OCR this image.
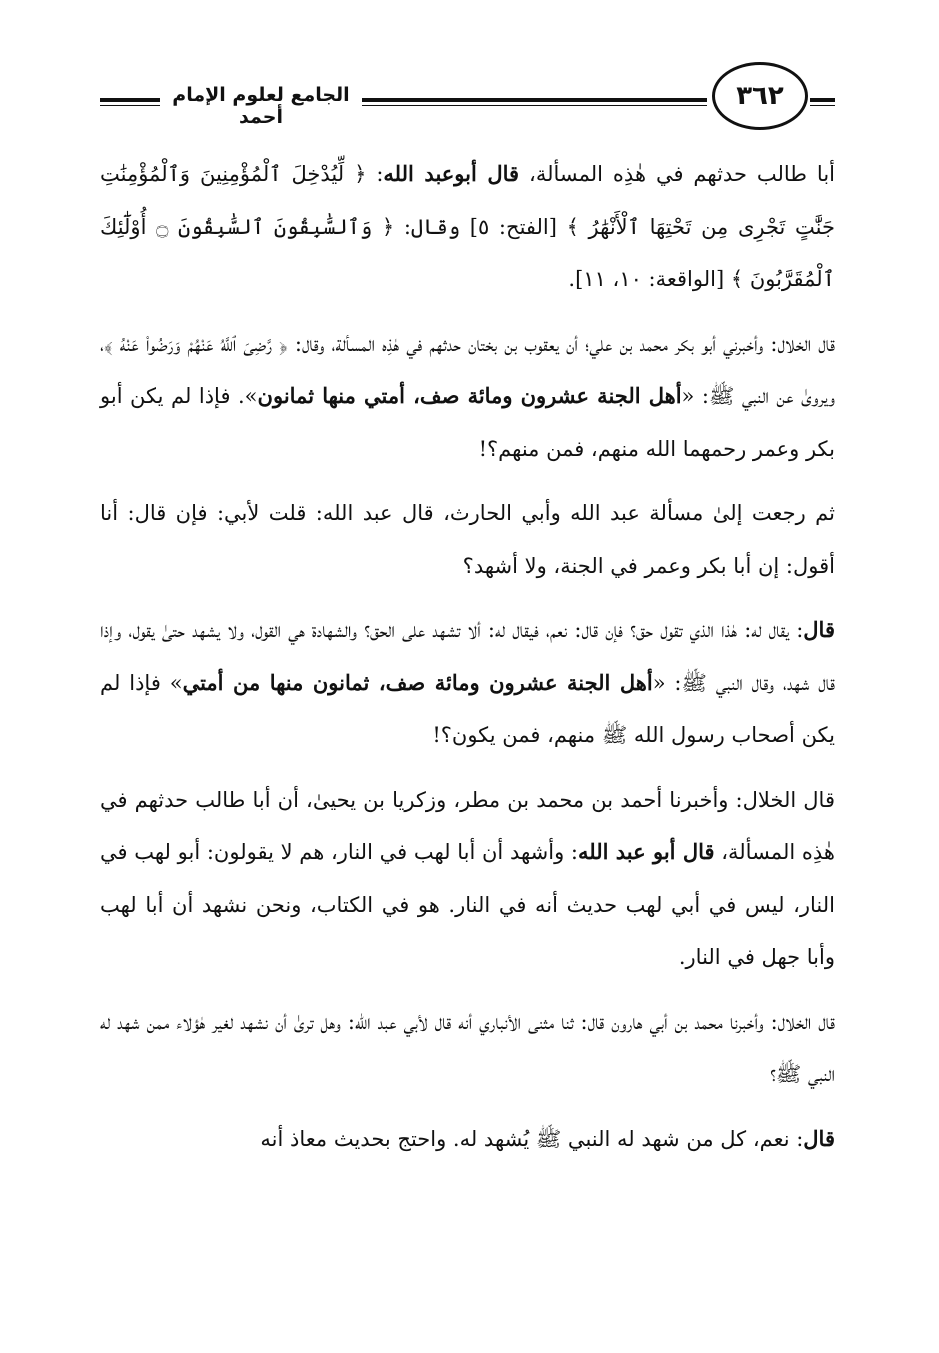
الجامع لعلوم الإمام أحمد
٣٦٢

أبا طالب حدثهم في هٰذِه المسألة، قال أبوعبد الله: ﴿ لِّيُدْخِلَ ٱلْمُؤْمِنِينَ وَٱلْمُؤْمِنَٰتِ جَنَّٰتٍ تَجْرِى مِن تَحْتِهَا ٱلْأَنْهَٰرُ ﴾ [الفتح: ٥] وقال: ﴿ وَٱلسَّٰبِقُونَ ٱلسَّٰبِقُونَ ۝ أُوْلَٰٓئِكَ ٱلْمُقَرَّبُونَ ﴾ [الواقعة: ١٠، ١١].

قال الخلال: وأخبرني أبو بكر محمد بن علي؛ أن يعقوب بن بختان حدثهم في هٰذِه المسألة، وقال: ﴿ رَّضِىَ ٱللَّهُ عَنْهُمْ وَرَضُواْ عَنْهُ ﴾، ويروىٰ عن النبي ﷺ: «أهل الجنة عشرون ومائة صف، أمتي منها ثمانون». فإذا لم يكن أبو بكر وعمر رحمهما الله منهم، فمن منهم؟!

ثم رجعت إلىٰ مسألة عبد الله وأبي الحارث، قال عبد الله: قلت لأبي: فإن قال: أنا أقول: إن أبا بكر وعمر في الجنة، ولا أشهد؟

قال: يقال له: هٰذا الذي تقول حق؟ فإن قال: نعم، فيقال له: ألا تشهد على الحق؟ والشهادة هي القول، ولا يشهد حتىٰ يقول، وإذا قال شهد، وقال النبي ﷺ: «أهل الجنة عشرون ومائة صف، ثمانون منها من أمتي» فإذا لم يكن أصحاب رسول الله ﷺ منهم، فمن يكون؟!

قال الخلال: وأخبرنا أحمد بن محمد بن مطر، وزكريا بن يحيىٰ، أن أبا طالب حدثهم في هٰذِه المسألة، قال أبو عبد الله: وأشهد أن أبا لهب في النار، هم لا يقولون: أبو لهب في النار، ليس في أبي لهب حديث أنه في النار. هو في الكتاب، ونحن نشهد أن أبا لهب وأبا جهل في النار.

قال الخلال: وأخبرنا محمد بن أبي هارون قال: ثنا مثنى الأنباري أنه قال لأبي عبد الله: وهل ترىٰ أن نشهد لغير هٰؤلاء ممن شهد له النبي ﷺ؟

قال: نعم، كل من شهد له النبي ﷺ يُشهد له. واحتج بحديث معاذ أنه
